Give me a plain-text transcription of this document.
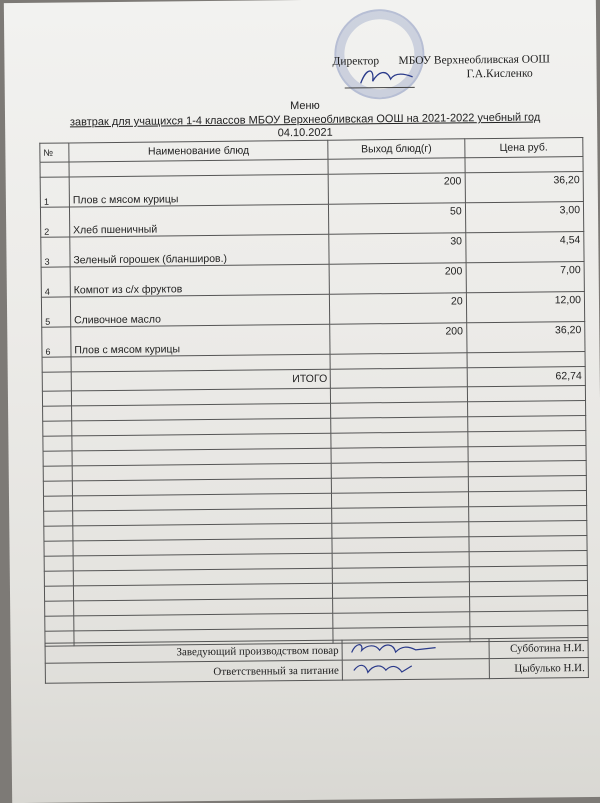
Директор МБОУ Верхнеобливская ООШ
Г.А.Кисленко
Меню
завтрак для учащихся 1-4 классов МБОУ Верхнеобливская ООШ на 2021-2022 учебный год
04.10.2021
№	Наименование блюд	Выход блюд(г)	Цена руб.

1	Плов с мясом курицы	200	36,20
2	Хлеб пшеничный	50	3,00
3	Зеленый горошек (бланширов.)	30	4,54
4	Компот из с/х фруктов	200	7,00
5	Сливочное масло	20	12,00
6	Плов с мясом курицы	200	36,20

	ИТОГО		62,74

Заведующий производством повар		Субботина Н.И.
Ответственный за питание		Цыбулько Н.И.
